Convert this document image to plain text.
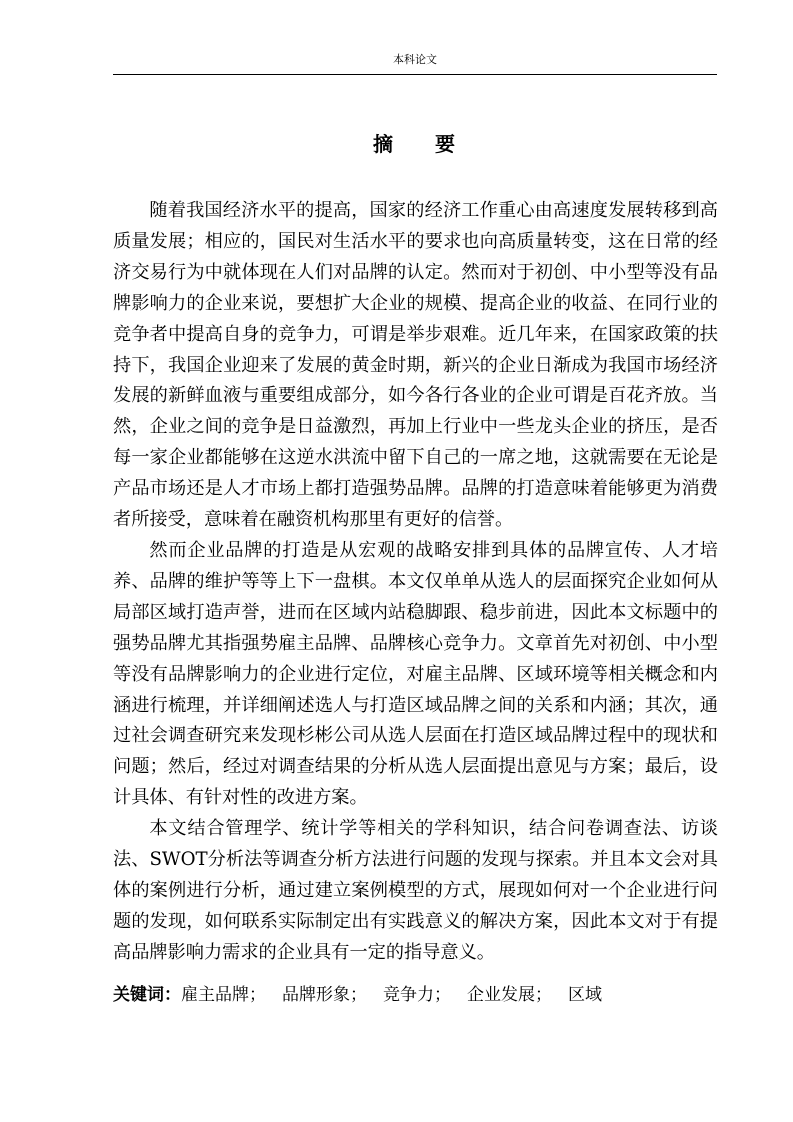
本科论文
摘 要

随着我国经济水平的提高，国家的经济工作重心由高速度发展转移到高质量发展；相应的，国民对生活水平的要求也向高质量转变，这在日常的经济交易行为中就体现在人们对品牌的认定。然而对于初创、中小型等没有品牌影响力的企业来说，要想扩大企业的规模、提高企业的收益、在同行业的竞争者中提高自身的竞争力，可谓是举步艰难。近几年来，在国家政策的扶持下，我国企业迎来了发展的黄金时期，新兴的企业日渐成为我国市场经济发展的新鲜血液与重要组成部分，如今各行各业的企业可谓是百花齐放。当然，企业之间的竞争是日益激烈，再加上行业中一些龙头企业的挤压，是否每一家企业都能够在这逆水洪流中留下自己的一席之地，这就需要在无论是产品市场还是人才市场上都打造强势品牌。品牌的打造意味着能够更为消费者所接受，意味着在融资机构那里有更好的信誉。

然而企业品牌的打造是从宏观的战略安排到具体的品牌宣传、人才培养、品牌的维护等等上下一盘棋。本文仅单单从选人的层面探究企业如何从局部区域打造声誉，进而在区域内站稳脚跟、稳步前进，因此本文标题中的强势品牌尤其指强势雇主品牌、品牌核心竞争力。文章首先对初创、中小型等没有品牌影响力的企业进行定位，对雇主品牌、区域环境等相关概念和内涵进行梳理，并详细阐述选人与打造区域品牌之间的关系和内涵；其次，通过社会调查研究来发现杉彬公司从选人层面在打造区域品牌过程中的现状和问题；然后，经过对调查结果的分析从选人层面提出意见与方案；最后，设计具体、有针对性的改进方案。

本文结合管理学、统计学等相关的学科知识，结合问卷调查法、访谈法、SWOT分析法等调查分析方法进行问题的发现与探索。并且本文会对具体的案例进行分析，通过建立案例模型的方式，展现如何对一个企业进行问题的发现，如何联系实际制定出有实践意义的解决方案，因此本文对于有提高品牌影响力需求的企业具有一定的指导意义。

关键词：雇主品牌； 品牌形象； 竞争力； 企业发展； 区域
